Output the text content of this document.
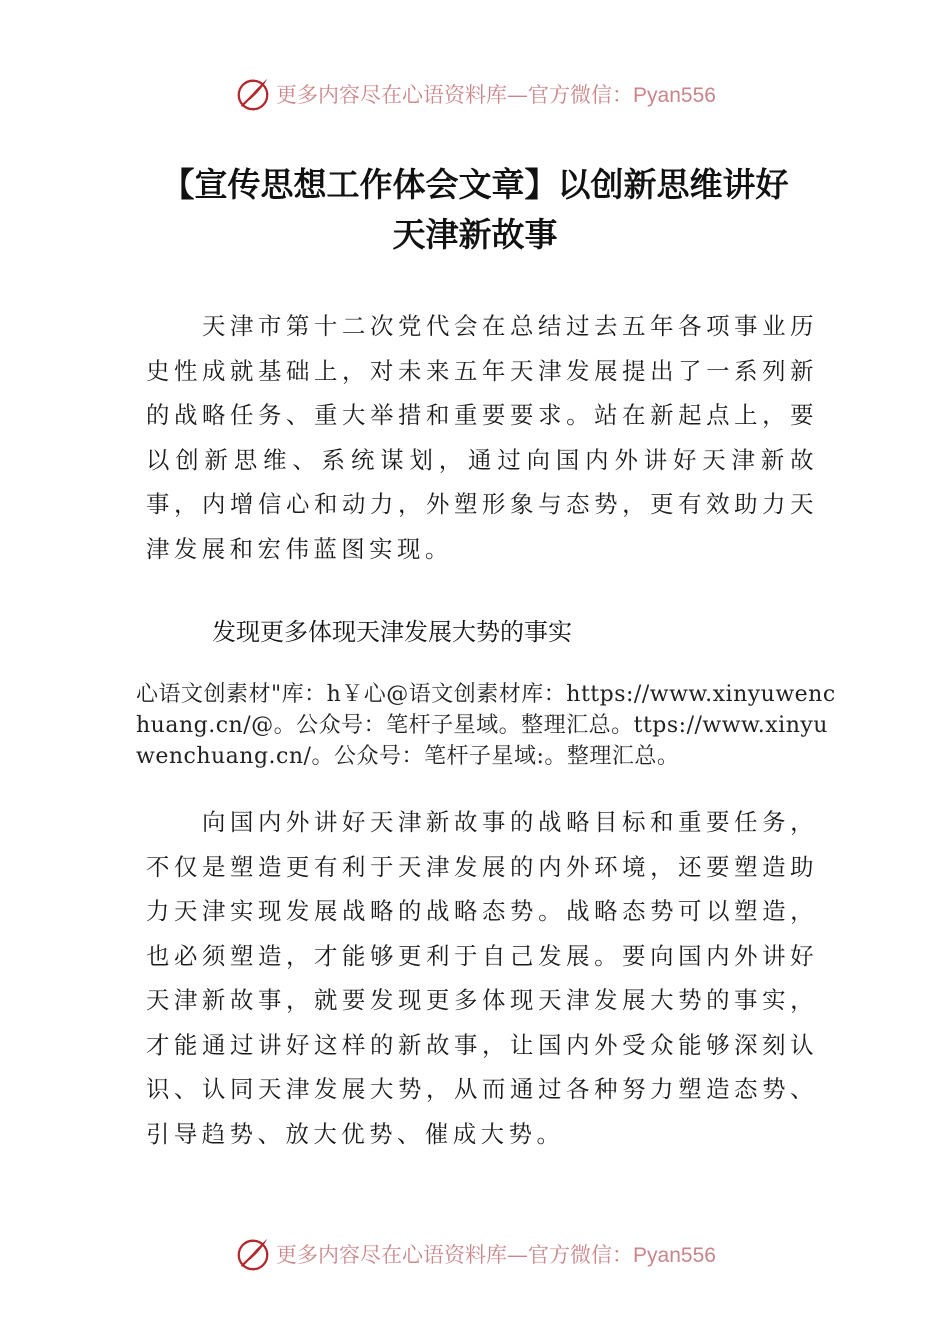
更多内容尽在心语资料库—官方微信：Pyan556
【宣传思想工作体会文章】以创新思维讲好
天津新故事

天津市第十二次党代会在总结过去五年各项事业历史性成就基础上，对未来五年天津发展提出了一系列新的战略任务、重大举措和重要要求。站在新起点上，要以创新思维、系统谋划，通过向国内外讲好天津新故事，内增信心和动力，外塑形象与态势，更有效助力天津发展和宏伟蓝图实现。

发现更多体现天津发展大势的事实

心语文创素材"库：h￥心@语文创素材库：https://www.xinyuwenchuang.cn/@。公众号：笔杆子星域。整理汇总。ttps://www.xinyuwenchuang.cn/。公众号：笔杆子星域:。整理汇总。

向国内外讲好天津新故事的战略目标和重要任务，不仅是塑造更有利于天津发展的内外环境，还要塑造助力天津实现发展战略的战略态势。战略态势可以塑造，也必须塑造，才能够更利于自己发展。要向国内外讲好天津新故事，就要发现更多体现天津发展大势的事实，才能通过讲好这样的新故事，让国内外受众能够深刻认识、认同天津发展大势，从而通过各种努力塑造态势、引导趋势、放大优势、催成大势。

更多内容尽在心语资料库—官方微信：Pyan556
